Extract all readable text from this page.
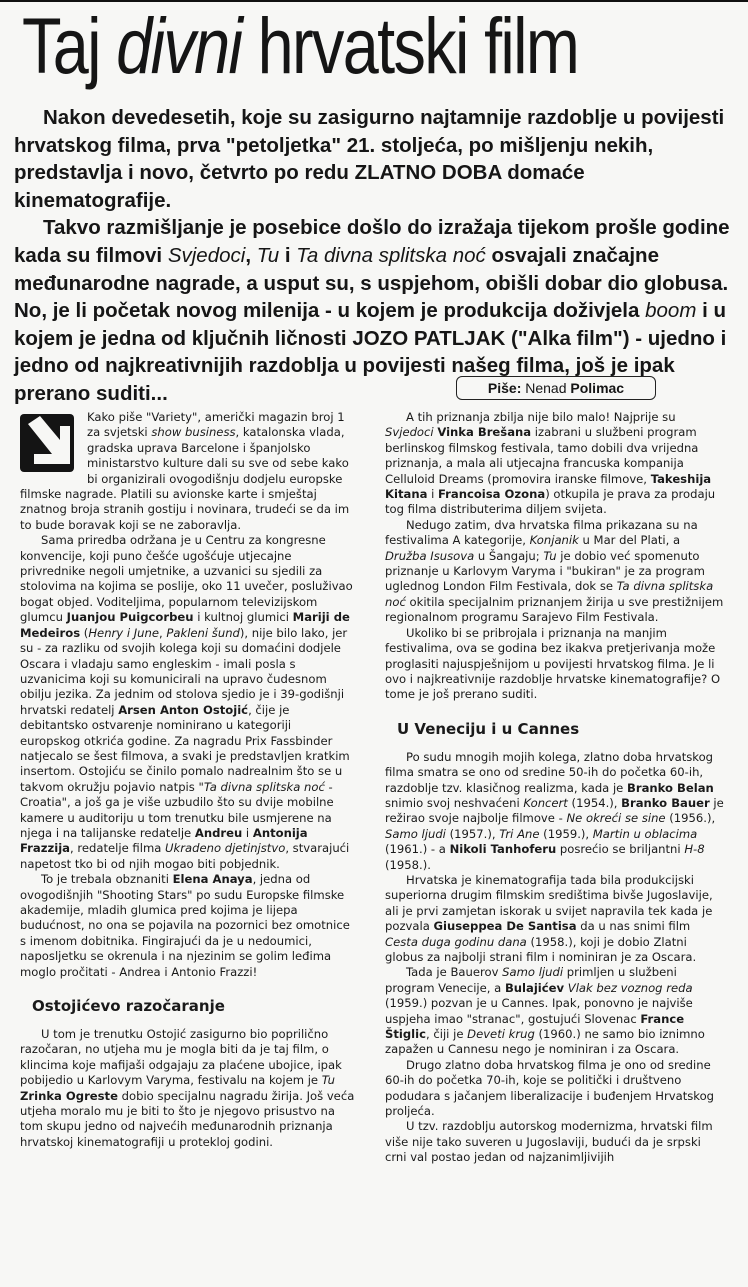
Taj divni hrvatski film

Nakon devedesetih, koje su zasigurno najtamnije razdoblje u povijesti hrvatskog filma, prva "petoljetka" 21. stoljeća, po mišljenju nekih, predstavlja i novo, četvrto po redu ZLATNO DOBA domaće kinematografije.

Takvo razmišljanje je posebice došlo do izražaja tijekom prošle godine kada su filmovi Svjedoci, Tu i Ta divna splitska noć osvajali značajne međunarodne nagrade, a usput su, s uspjehom, obišli dobar dio globusa. No, je li početak novog milenija - u kojem je produkcija doživjela boom i u kojem je jedna od ključnih ličnosti JOZO PATLJAK ("Alka film") - ujedno i jedno od najkreativnijih razdoblja u povijesti našeg filma, još je ipak prerano suditi...	Piše: Nenad Polimac

Kako piše "Variety", američki magazin broj 1 za svjetski show business, katalonska vlada, gradska uprava Barcelone i španjolsko ministarstvo kulture dali su sve od sebe kako bi organizirali ovogodišnju dodjelu europske filmske nagrade. Platili su avionske karte i smještaj znatnog broja stranih gostiju i novinara, trudeći se da im to bude boravak koji se ne zaboravlja.

Sama priredba održana je u Centru za kongresne konvencije, koji puno češće ugošćuje utjecajne privrednike negoli umjetnike, a uzvanici su sjedili za stolovima na kojima se poslije, oko 11 uvečer, posluživao bogat objed. Voditeljima, popularnom televizijskom glumcu Juanjou Puigcorbeu i kultnoj glumici Mariji de Medeiros (Henry i June, Pakleni šund), nije bilo lako, jer su - za razliku od svojih kolega koji su domaćini dodjele Oscara i vladaju samo engleskim - imali posla s uzvanicima koji su komunicirali na upravo čudesnom obilju jezika. Za jednim od stolova sjedio je i 39-godišnji hrvatski redatelj Arsen Anton Ostojić, čije je debitantsko ostvarenje nominirano u kategoriji europskog otkrića godine. Za nagradu Prix Fassbinder natjecalo se šest filmova, a svaki je predstavljen kratkim insertom. Ostojiću se činilo pomalo nadrealnim što se u takvom okružju pojavio natpis "Ta divna splitska noć - Croatia", a još ga je više uzbudilo što su dvije mobilne kamere u auditoriju u tom trenutku bile usmjerene na njega i na talijanske redatelje Andreu i Antonija Frazzija, redatelje filma Ukradeno djetinjstvo, stvarajući napetost tko bi od njih mogao biti pobjednik.

To je trebala obznaniti Elena Anaya, jedna od ovogodišnjih "Shooting Stars" po sudu Europske filmske akademije, mladih glumica pred kojima je lijepa budućnost, no ona se pojavila na pozornici bez omotnice s imenom dobitnika. Fingirajući da je u nedoumici, naposljetku se okrenula i na njezinim se golim leđima moglo pročitati - Andrea i Antonio Frazzi!

Ostojićevo razočaranje

U tom je trenutku Ostojić zasigurno bio poprilično razočaran, no utjeha mu je mogla biti da je taj film, o klincima koje mafijaši odgajaju za plaćene ubojice, ipak pobijedio u Karlovym Varyma, festivalu na kojem je Tu Zrinka Ogreste dobio specijalnu nagradu žirija. Još veća utjeha moralo mu je biti to što je njegovo prisustvo na tom skupu jedno od najvećih međunarodnih priznanja hrvatskoj kinematografiji u protekloj godini.

A tih priznanja zbilja nije bilo malo! Najprije su Svjedoci Vinka Brešana izabrani u službeni program berlinskog filmskog festivala, tamo dobili dva vrijedna priznanja, a mala ali utjecajna francuska kompanija Celluloid Dreams (promovira iranske filmove, Takeshija Kitana i Francoisa Ozona) otkupila je prava za prodaju tog filma distributerima diljem svijeta.

Nedugo zatim, dva hrvatska filma prikazana su na festivalima A kategorije, Konjanik u Mar del Plati, a Družba Isusova u Šangaju; Tu je dobio već spomenuto priznanje u Karlovym Varyma i "bukiran" je za program uglednog London Film Festivala, dok se Ta divna splitska noć okitila specijalnim priznanjem žirija u sve prestižnijem regionalnom programu Sarajevo Film Festivala.

Ukoliko bi se pribrojala i priznanja na manjim festivalima, ova se godina bez ikakva pretjerivanja može proglasiti najuspješnijom u povijesti hrvatskog filma. Je li ovo i najkreativnije razdoblje hrvatske kinematografije? O tome je još prerano suditi.

U Veneciju i u Cannes

Po sudu mnogih mojih kolega, zlatno doba hrvatskog filma smatra se ono od sredine 50-ih do početka 60-ih, razdoblje tzv. klasičnog realizma, kada je Branko Belan snimio svoj neshvaćeni Koncert (1954.), Branko Bauer je režirao svoje najbolje filmove - Ne okreći se sine (1956.), Samo ljudi (1957.), Tri Ane (1959.), Martin u oblacima (1961.) - a Nikoli Tanhoferu posrećio se briljantni H-8 (1958.).

Hrvatska je kinematografija tada bila produkcijski superiorna drugim filmskim središtima bivše Jugoslavije, ali je prvi zamjetan iskorak u svijet napravila tek kada je pozvala Giuseppea De Santisa da u nas snimi film Cesta duga godinu dana (1958.), koji je dobio Zlatni globus za najbolji strani film i nominiran je za Oscara.

Tada je Bauerov Samo ljudi primljen u službeni program Venecije, a Bulajićev Vlak bez voznog reda (1959.) pozvan je u Cannes. Ipak, ponovno je najviše uspjeha imao "stranac", gostujući Slovenac France Štiglic, čiji je Deveti krug (1960.) ne samo bio iznimno zapažen u Cannesu nego je nominiran i za Oscara.

Drugo zlatno doba hrvatskog filma je ono od sredine 60-ih do početka 70-ih, koje se politički i društveno podudara s jačanjem liberalizacije i buđenjem Hrvatskog proljeća.

U tzv. razdoblju autorskog modernizma, hrvatski film više nije tako suveren u Jugoslaviji, budući da je srpski crni val postao jedan od najzanimljivijih
